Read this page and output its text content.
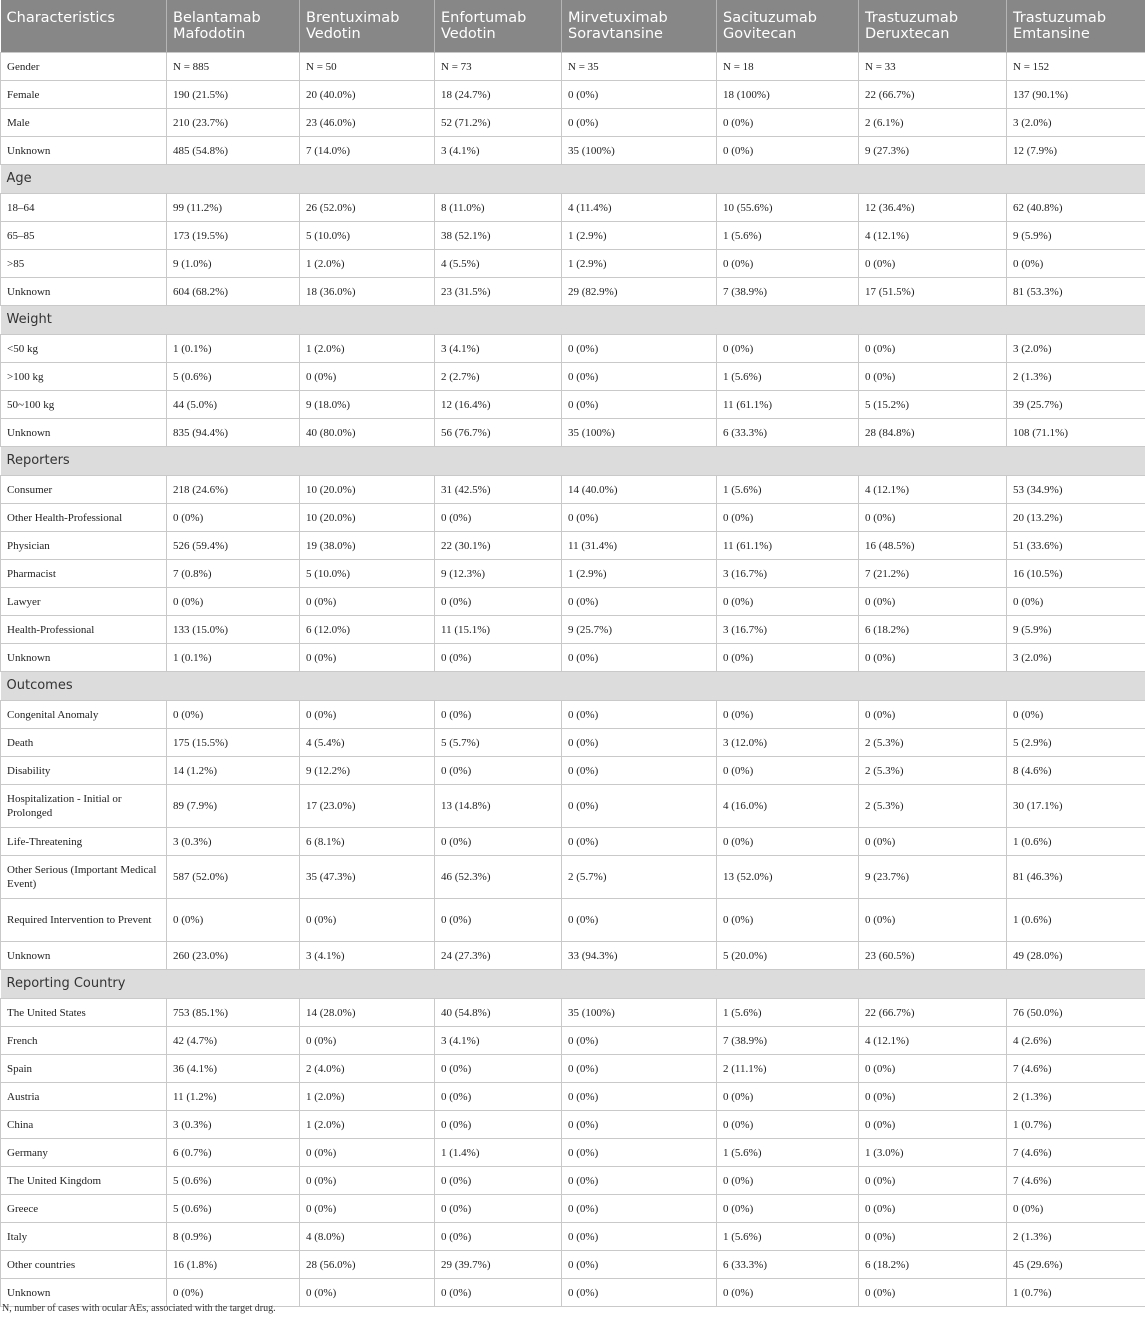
Characteristics	Belantamab Mafodotin	Brentuximab Vedotin	Enfortumab Vedotin	Mirvetuximab Soravtansine	Sacituzumab Govitecan	Trastuzumab Deruxtecan	Trastuzumab Emtansine
Gender	N = 885	N = 50	N = 73	N = 35	N = 18	N = 33	N = 152
Female	190 (21.5%)	20 (40.0%)	18 (24.7%)	0 (0%)	18 (100%)	22 (66.7%)	137 (90.1%)
Male	210 (23.7%)	23 (46.0%)	52 (71.2%)	0 (0%)	0 (0%)	2 (6.1%)	3 (2.0%)
Unknown	485 (54.8%)	7 (14.0%)	3 (4.1%)	35 (100%)	0 (0%)	9 (27.3%)	12 (7.9%)
Age							
18–64	99 (11.2%)	26 (52.0%)	8 (11.0%)	4 (11.4%)	10 (55.6%)	12 (36.4%)	62 (40.8%)
65–85	173 (19.5%)	5 (10.0%)	38 (52.1%)	1 (2.9%)	1 (5.6%)	4 (12.1%)	9 (5.9%)
>85	9 (1.0%)	1 (2.0%)	4 (5.5%)	1 (2.9%)	0 (0%)	0 (0%)	0 (0%)
Unknown	604 (68.2%)	18 (36.0%)	23 (31.5%)	29 (82.9%)	7 (38.9%)	17 (51.5%)	81 (53.3%)
Weight							
<50 kg	1 (0.1%)	1 (2.0%)	3 (4.1%)	0 (0%)	0 (0%)	0 (0%)	3 (2.0%)
>100 kg	5 (0.6%)	0 (0%)	2 (2.7%)	0 (0%)	1 (5.6%)	0 (0%)	2 (1.3%)
50~100 kg	44 (5.0%)	9 (18.0%)	12 (16.4%)	0 (0%)	11 (61.1%)	5 (15.2%)	39 (25.7%)
Unknown	835 (94.4%)	40 (80.0%)	56 (76.7%)	35 (100%)	6 (33.3%)	28 (84.8%)	108 (71.1%)
Reporters							
Consumer	218 (24.6%)	10 (20.0%)	31 (42.5%)	14 (40.0%)	1 (5.6%)	4 (12.1%)	53 (34.9%)
Other Health-Professional	0 (0%)	10 (20.0%)	0 (0%)	0 (0%)	0 (0%)	0 (0%)	20 (13.2%)
Physician	526 (59.4%)	19 (38.0%)	22 (30.1%)	11 (31.4%)	11 (61.1%)	16 (48.5%)	51 (33.6%)
Pharmacist	7 (0.8%)	5 (10.0%)	9 (12.3%)	1 (2.9%)	3 (16.7%)	7 (21.2%)	16 (10.5%)
Lawyer	0 (0%)	0 (0%)	0 (0%)	0 (0%)	0 (0%)	0 (0%)	0 (0%)
Health-Professional	133 (15.0%)	6 (12.0%)	11 (15.1%)	9 (25.7%)	3 (16.7%)	6 (18.2%)	9 (5.9%)
Unknown	1 (0.1%)	0 (0%)	0 (0%)	0 (0%)	0 (0%)	0 (0%)	3 (2.0%)
Outcomes							
Congenital Anomaly	0 (0%)	0 (0%)	0 (0%)	0 (0%)	0 (0%)	0 (0%)	0 (0%)
Death	175 (15.5%)	4 (5.4%)	5 (5.7%)	0 (0%)	3 (12.0%)	2 (5.3%)	5 (2.9%)
Disability	14 (1.2%)	9 (12.2%)	0 (0%)	0 (0%)	0 (0%)	2 (5.3%)	8 (4.6%)
Hospitalization - Initial or Prolonged	89 (7.9%)	17 (23.0%)	13 (14.8%)	0 (0%)	4 (16.0%)	2 (5.3%)	30 (17.1%)
Life-Threatening	3 (0.3%)	6 (8.1%)	0 (0%)	0 (0%)	0 (0%)	0 (0%)	1 (0.6%)
Other Serious (Important Medical Event)	587 (52.0%)	35 (47.3%)	46 (52.3%)	2 (5.7%)	13 (52.0%)	9 (23.7%)	81 (46.3%)
Required Intervention to Prevent	0 (0%)	0 (0%)	0 (0%)	0 (0%)	0 (0%)	0 (0%)	1 (0.6%)
Unknown	260 (23.0%)	3 (4.1%)	24 (27.3%)	33 (94.3%)	5 (20.0%)	23 (60.5%)	49 (28.0%)
Reporting Country							
The United States	753 (85.1%)	14 (28.0%)	40 (54.8%)	35 (100%)	1 (5.6%)	22 (66.7%)	76 (50.0%)
French	42 (4.7%)	0 (0%)	3 (4.1%)	0 (0%)	7 (38.9%)	4 (12.1%)	4 (2.6%)
Spain	36 (4.1%)	2 (4.0%)	0 (0%)	0 (0%)	2 (11.1%)	0 (0%)	7 (4.6%)
Austria	11 (1.2%)	1 (2.0%)	0 (0%)	0 (0%)	0 (0%)	0 (0%)	2 (1.3%)
China	3 (0.3%)	1 (2.0%)	0 (0%)	0 (0%)	0 (0%)	0 (0%)	1 (0.7%)
Germany	6 (0.7%)	0 (0%)	1 (1.4%)	0 (0%)	1 (5.6%)	1 (3.0%)	7 (4.6%)
The United Kingdom	5 (0.6%)	0 (0%)	0 (0%)	0 (0%)	0 (0%)	0 (0%)	7 (4.6%)
Greece	5 (0.6%)	0 (0%)	0 (0%)	0 (0%)	0 (0%)	0 (0%)	0 (0%)
Italy	8 (0.9%)	4 (8.0%)	0 (0%)	0 (0%)	1 (5.6%)	0 (0%)	2 (1.3%)
Other countries	16 (1.8%)	28 (56.0%)	29 (39.7%)	0 (0%)	6 (33.3%)	6 (18.2%)	45 (29.6%)
Unknown	0 (0%)	0 (0%)	0 (0%)	0 (0%)	0 (0%)	0 (0%)	1 (0.7%)
N, number of cases with ocular AEs, associated with the target drug.
